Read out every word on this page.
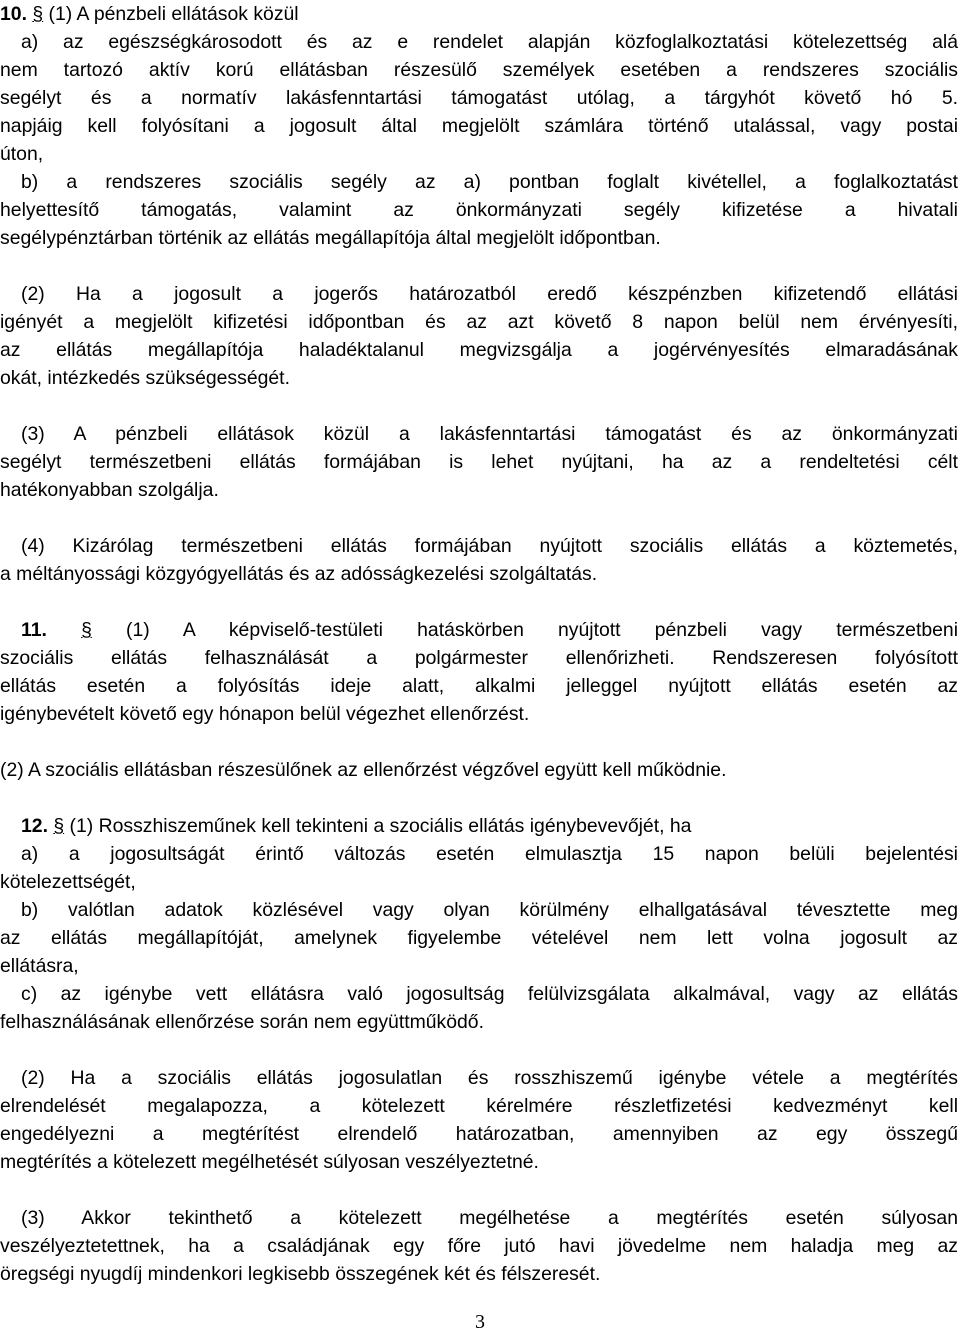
10. § (1) A pénzbeli ellátások közül
a) az egészségkárosodott és az e rendelet alapján közfoglalkoztatási kötelezettség alá
nem tartozó aktív korú ellátásban részesülő személyek esetében a rendszeres szociális
segélyt és a normatív lakásfenntartási támogatást utólag, a tárgyhót követő hó 5.
napjáig kell folyósítani a jogosult által megjelölt számlára történő utalással, vagy postai
úton,
b) a rendszeres szociális segély az a) pontban foglalt kivétellel, a foglalkoztatást
helyettesítő támogatás, valamint az önkormányzati segély kifizetése a hivatali
segélypénztárban történik az ellátás megállapítója által megjelölt időpontban.
(2) Ha a jogosult a jogerős határozatból eredő készpénzben kifizetendő ellátási
igényét a megjelölt kifizetési időpontban és az azt követő 8 napon belül nem érvényesíti,
az ellátás megállapítója haladéktalanul megvizsgálja a jogérvényesítés elmaradásának
okát, intézkedés szükségességét.
(3) A pénzbeli ellátások közül a lakásfenntartási támogatást és az önkormányzati
segélyt természetbeni ellátás formájában is lehet nyújtani, ha az a rendeltetési célt
hatékonyabban szolgálja.
(4) Kizárólag természetbeni ellátás formájában nyújtott szociális ellátás a köztemetés,
a méltányossági közgyógyellátás és az adósságkezelési szolgáltatás.
11. § (1) A képviselő-testületi hatáskörben nyújtott pénzbeli vagy természetbeni
szociális ellátás felhasználását a polgármester ellenőrizheti. Rendszeresen folyósított
ellátás esetén a folyósítás ideje alatt, alkalmi jelleggel nyújtott ellátás esetén az
igénybevételt követő egy hónapon belül végezhet ellenőrzést.
(2) A szociális ellátásban részesülőnek az ellenőrzést végzővel együtt kell működnie.
12. § (1) Rosszhiszeműnek kell tekinteni a szociális ellátás igénybevevőjét, ha
a) a jogosultságát érintő változás esetén elmulasztja 15 napon belüli bejelentési
kötelezettségét,
b) valótlan adatok közlésével vagy olyan körülmény elhallgatásával tévesztette meg
az ellátás megállapítóját, amelynek figyelembe vételével nem lett volna jogosult az
ellátásra,
c) az igénybe vett ellátásra való jogosultság felülvizsgálata alkalmával, vagy az ellátás
felhasználásának ellenőrzése során nem együttműködő.
(2) Ha a szociális ellátás jogosulatlan és rosszhiszemű igénybe vétele a megtérítés
elrendelését megalapozza, a kötelezett kérelmére részletfizetési kedvezményt kell
engedélyezni a megtérítést elrendelő határozatban, amennyiben az egy összegű
megtérítés a kötelezett megélhetését súlyosan veszélyeztetné.
(3) Akkor tekinthető a kötelezett megélhetése a megtérítés esetén súlyosan
veszélyeztetettnek, ha a családjának egy főre jutó havi jövedelme nem haladja meg az
öregségi nyugdíj mindenkori legkisebb összegének két és félszeresét.
3
